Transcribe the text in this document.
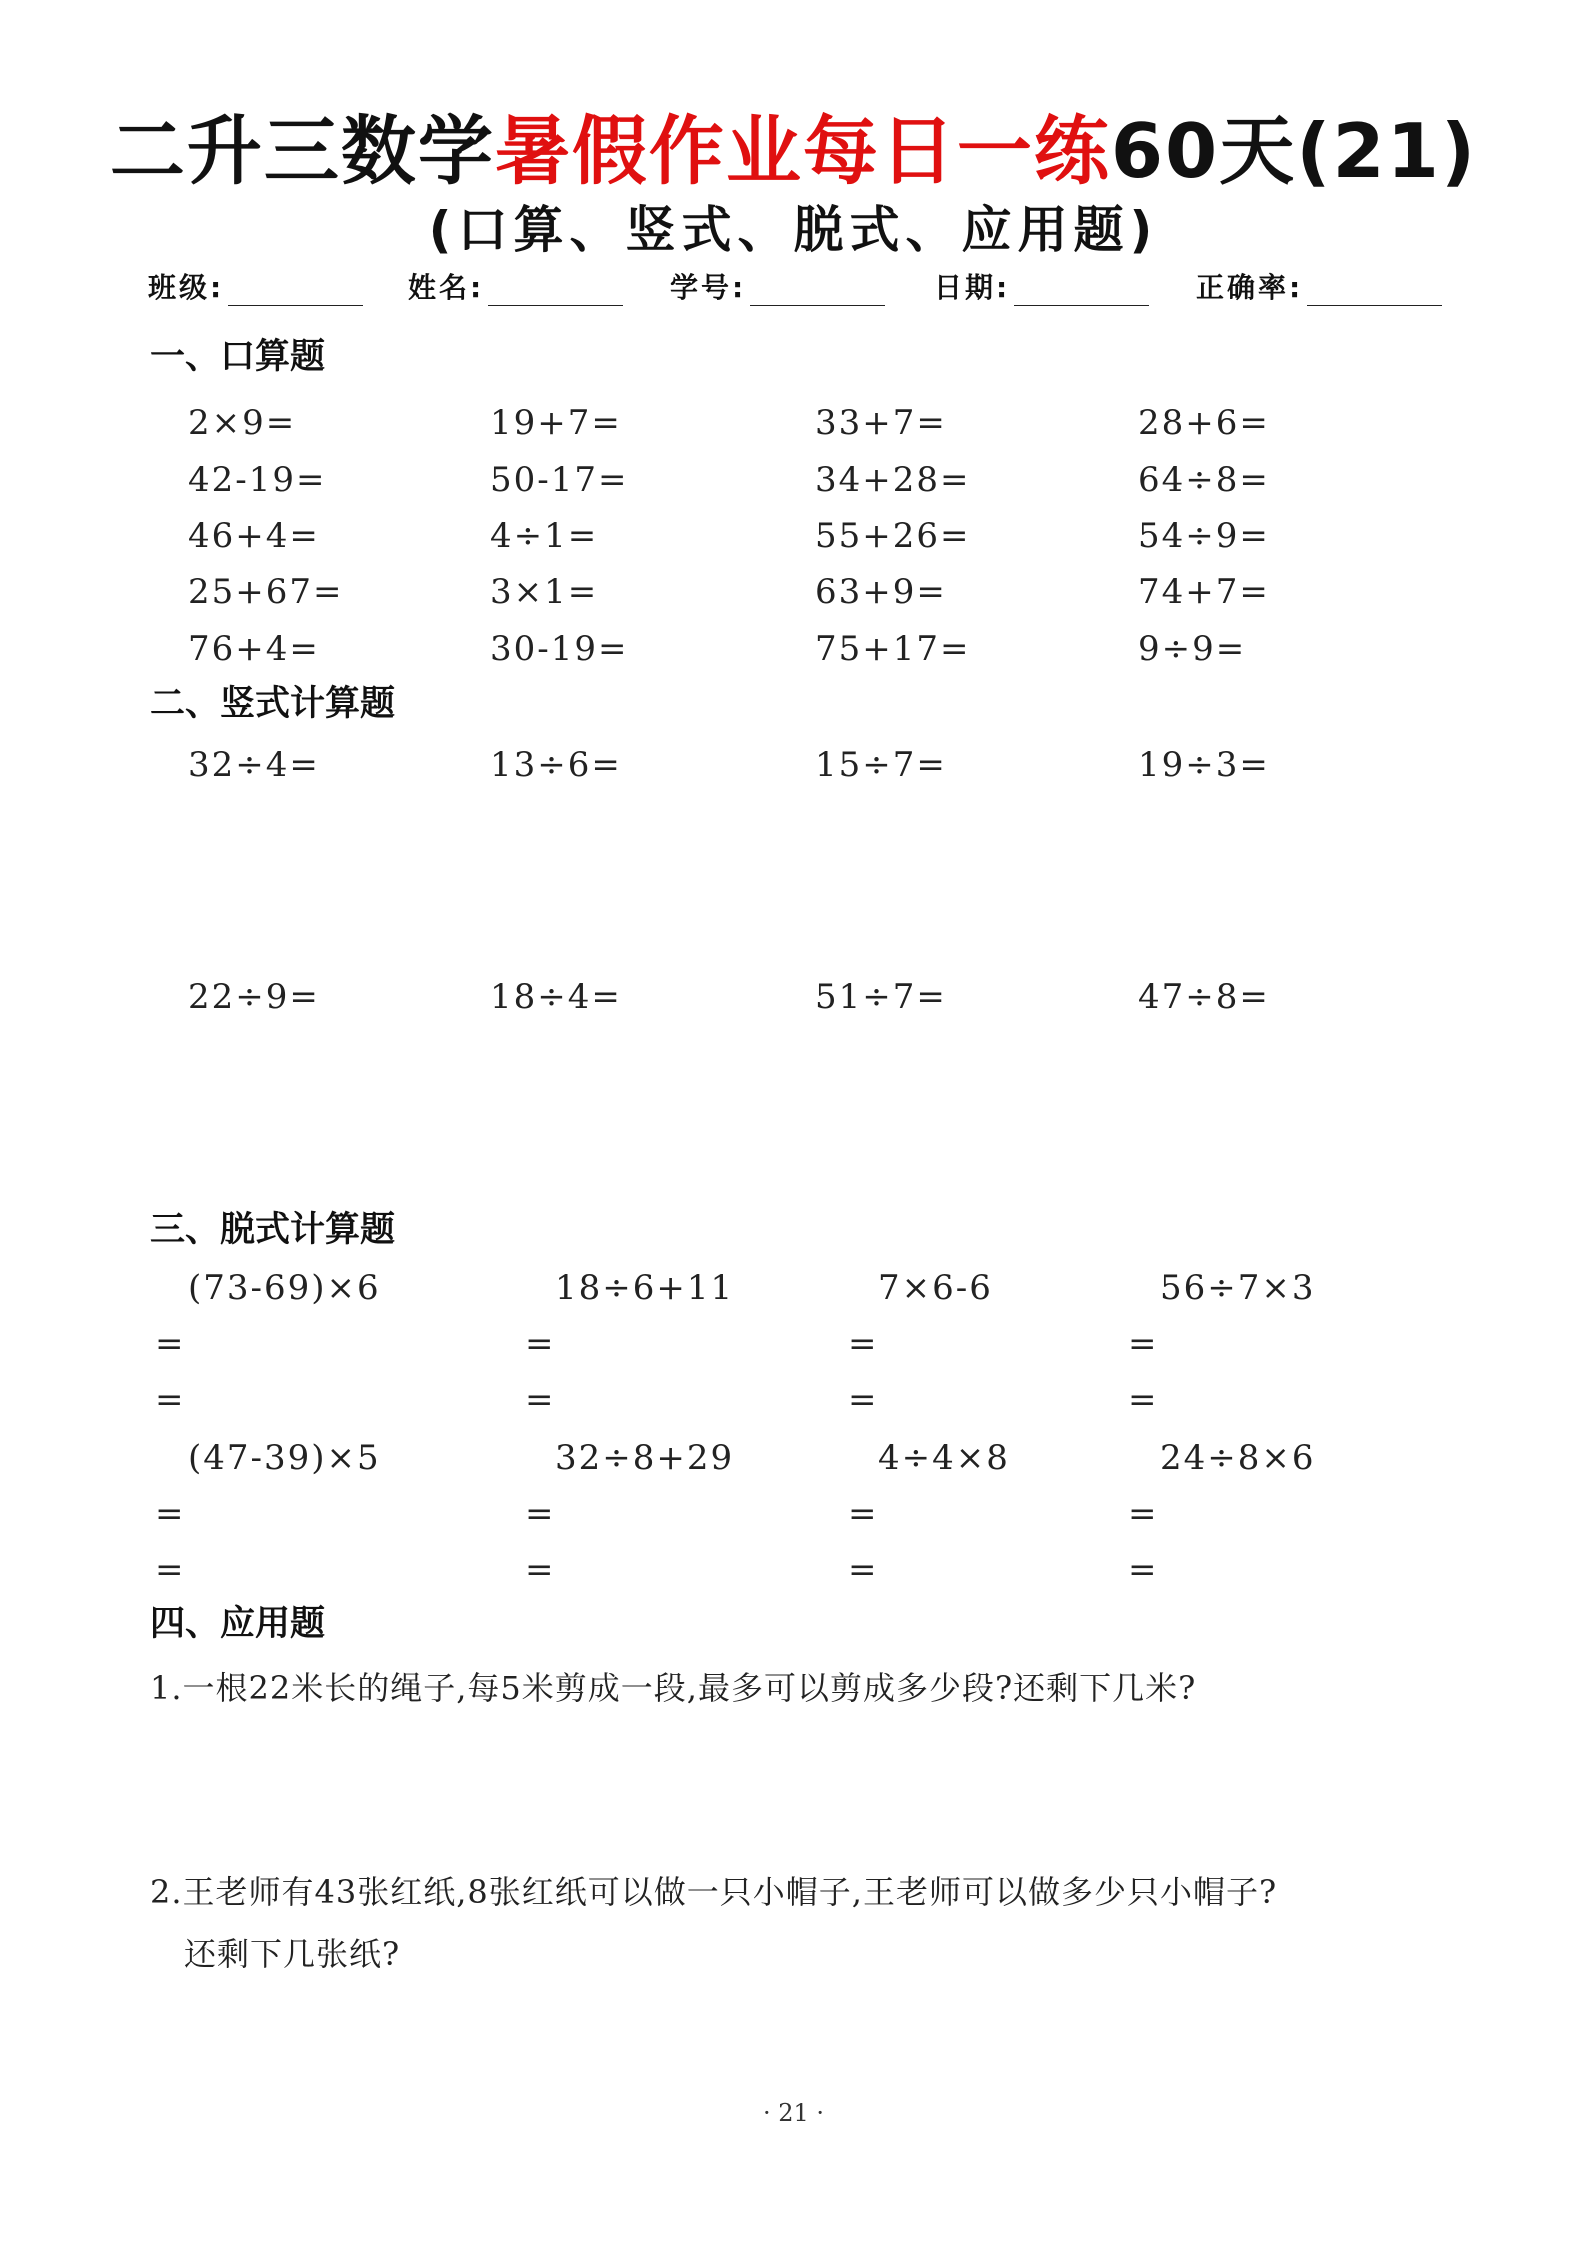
二升三数学暑假作业每日一练60天(21)
(口算、竖式、脱式、应用题)
班级:	姓名:	学号:	日期:	正确率:
一、口算题
2×9=	19+7=	33+7=	28+6=
42-19=	50-17=	34+28=	64÷8=
46+4=	4÷1=	55+26=	54÷9=
25+67=	3×1=	63+9=	74+7=
76+4=	30-19=	75+17=	9÷9=
二、竖式计算题
32÷4=	13÷6=	15÷7=	19÷3=
22÷9=	18÷4=	51÷7=	47÷8=
三、脱式计算题
(73-69)×6	18÷6+11	7×6-6	56÷7×3
=	=	=	=
=	=	=	=
(47-39)×5	32÷8+29	4÷4×8	24÷8×6
=	=	=	=
=	=	=	=
四、应用题
1.一根22米长的绳子,每5米剪成一段,最多可以剪成多少段?还剩下几米?
2.王老师有43张红纸,8张红纸可以做一只小帽子,王老师可以做多少只小帽子?
还剩下几张纸?
· 21 ·
